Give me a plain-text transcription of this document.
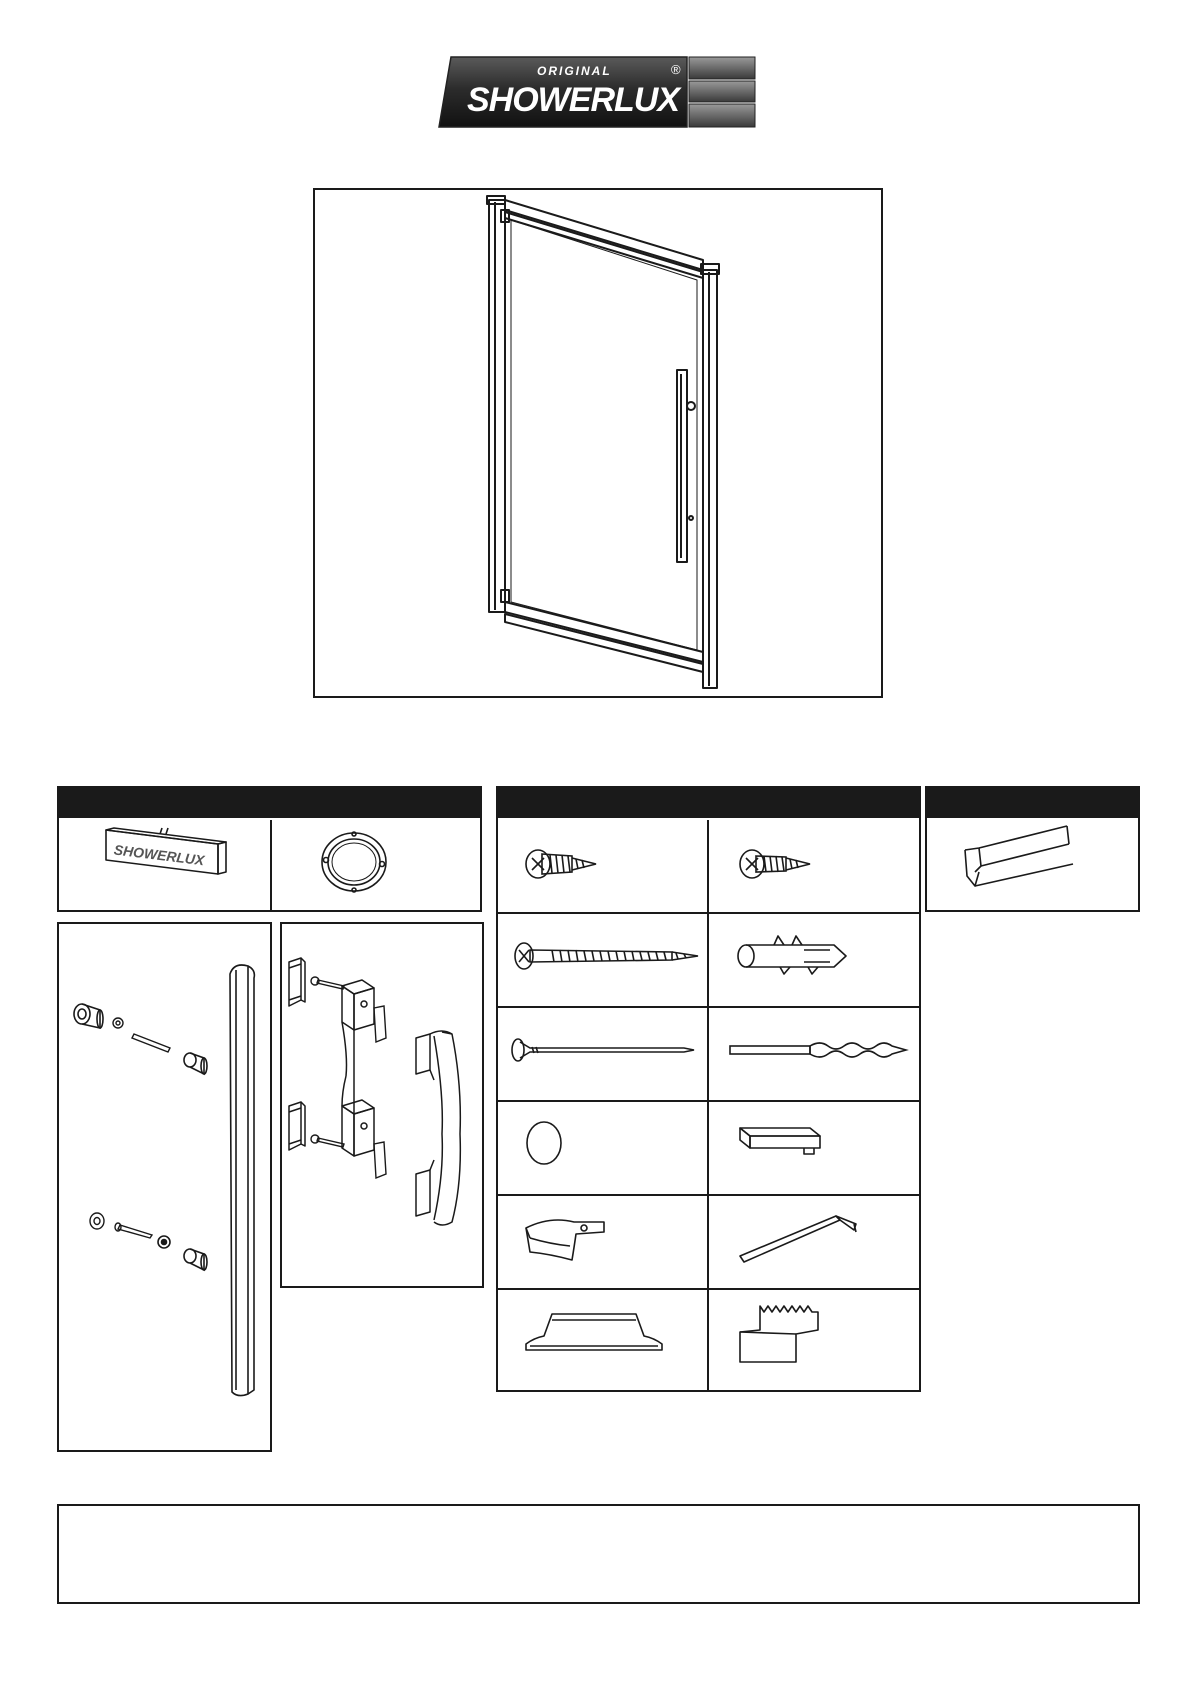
ORIGINAL
SHOWERLUX
®
SHOWERLUX
